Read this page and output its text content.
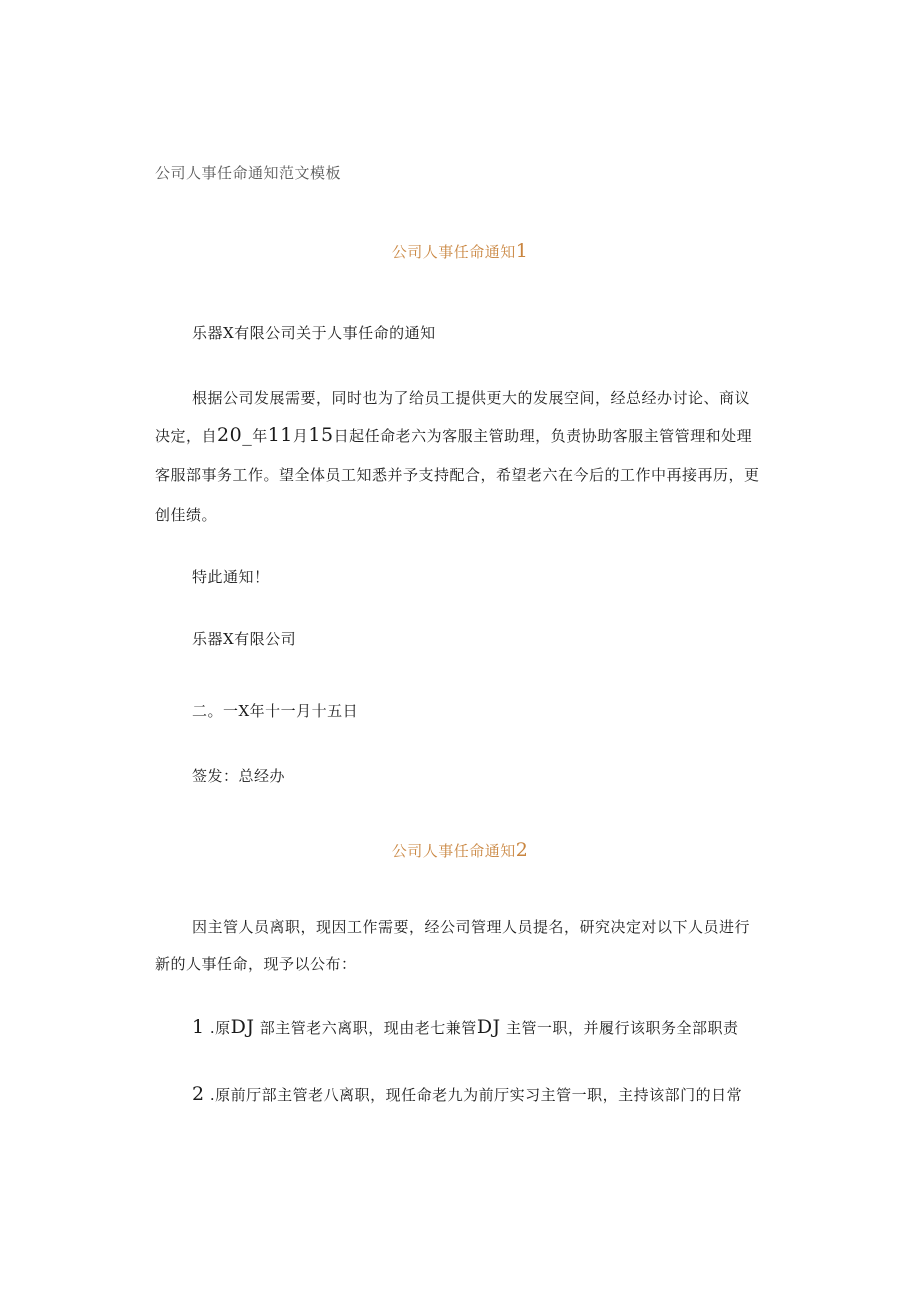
公司人事任命通知范文模板
公司人事任命通知1
乐器X有限公司关于人事任命的通知
根据公司发展需要，同时也为了给员工提供更大的发展空间，经总经办讨论、商议
决定，自20_年11月15日起任命老六为客服主管助理，负责协助客服主管管理和处理
客服部事务工作。望全体员工知悉并予支持配合，希望老六在今后的工作中再接再历，更
创佳绩。
特此通知！
乐器X有限公司
二。一X年十一月十五日
签发：总经办
公司人事任命通知2
因主管人员离职，现因工作需要，经公司管理人员提名，研究决定对以下人员进行
新的人事任命，现予以公布：
1 .原DJ 部主管老六离职，现由老七兼管DJ 主管一职，并履行该职务全部职责
2 .原前厅部主管老八离职，现任命老九为前厅实习主管一职，主持该部门的日常
